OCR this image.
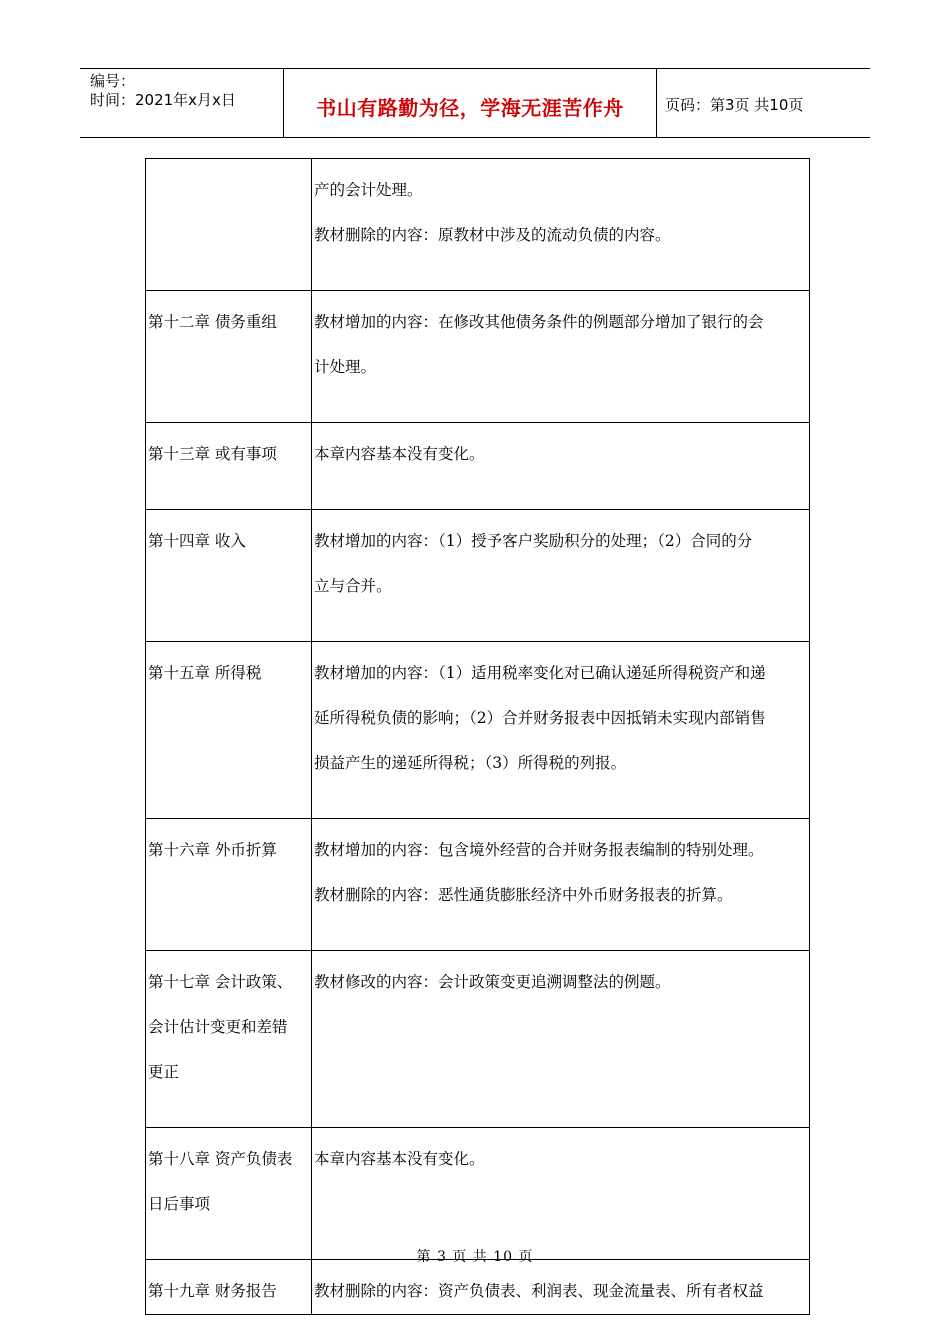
编号：
时间：2021年x月x日	书山有路勤为径，学海无涯苦作舟	页码：第3页 共10页

	产的会计处理。
教材删除的内容：原教材中涉及的流动负债的内容。

第十二章 债务重组	教材增加的内容：在修改其他债务条件的例题部分增加了银行的会
计处理。

第十三章 或有事项	本章内容基本没有变化。

第十四章 收入	教材增加的内容：（1）授予客户奖励积分的处理；（2）合同的分
立与合并。

第十五章 所得税	教材增加的内容：（1）适用税率变化对已确认递延所得税资产和递
延所得税负债的影响；（2）合并财务报表中因抵销未实现内部销售
损益产生的递延所得税；（3）所得税的列报。

第十六章 外币折算	教材增加的内容：包含境外经营的合并财务报表编制的特别处理。
教材删除的内容：恶性通货膨胀经济中外币财务报表的折算。

第十七章 会计政策、
会计估计变更和差错
更正	教材修改的内容：会计政策变更追溯调整法的例题。

第十八章 资产负债表
日后事项	本章内容基本没有变化。

第十九章 财务报告	教材删除的内容：资产负债表、利润表、现金流量表、所有者权益
第 3 页 共 10 页
